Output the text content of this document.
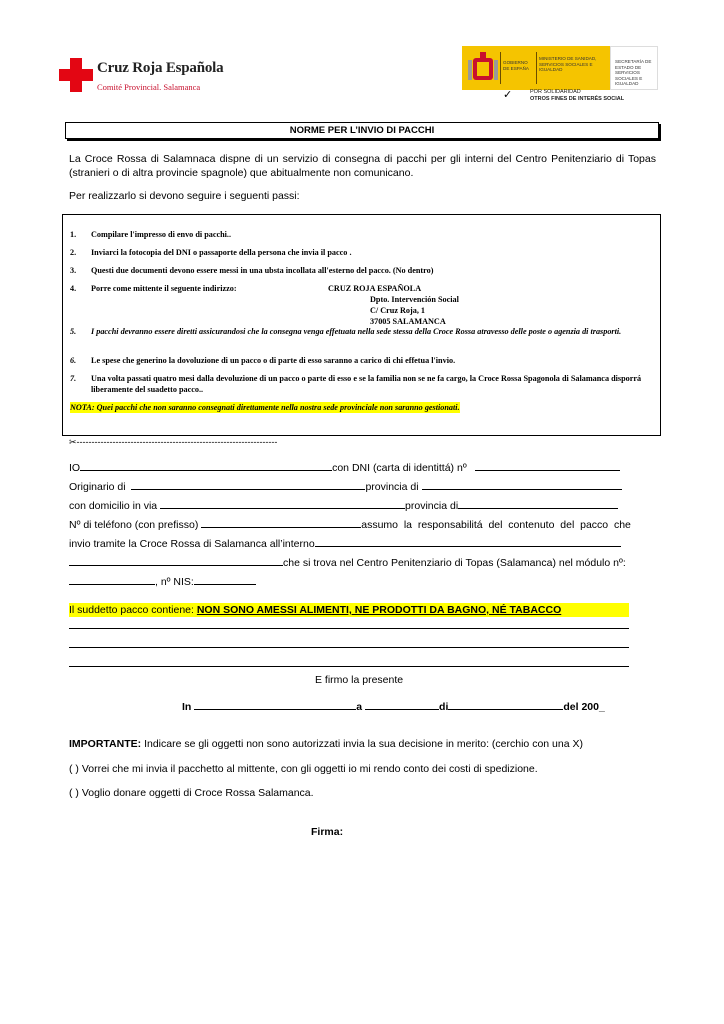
Cruz Roja Española
Comité Provincial. Salamanca
GOBIERNO DE ESPAÑA
MINISTERIO DE SANIDAD, SERVICIOS SOCIALES E IGUALDAD
SECRETARÍA DE ESTADO DE SERVICIOS SOCIALES E IGUALDAD
✓	POR SOLIDARIDAD
OTROS FINES DE INTERÉS SOCIAL
NORME PER L’INVIO DI PACCHI
La Croce Rossa di Salamnaca dispne di un servizio di consegna di pacchi per gli interni del Centro Penitenziario di Topas (stranieri o di altra provincie spagnole) que abitualmente non comunicano.
Per realizzarlo si devono seguire i seguenti passi:
1.	Compilare l'impresso di envo di pacchi..
2.	Inviarci la fotocopia del DNI o passaporte della persona che invia il pacco .
3.	Questi due documenti devono essere messi in una ubsta incollata all'esterno del pacco. (No dentro)
4.	Porre come mittente il seguente indirizzo:	CRUZ ROJA ESPAÑOLA
Dpto. Intervención Social
C/ Cruz Roja, 1
37005 SALAMANCA
5.	I pacchi devranno essere diretti assicurandosi che la consegna venga effetuata nella sede stessa della Croce Rossa atravesso delle poste o agenzia di trasporti.
6.	Le spese che generino la dovoluzione di un pacco o di parte di esso saranno a carico di chi effetua l'invio.
7.	Una volta passati quatro mesi dalla devoluzione di un pacco o parte di esso e se la familia non se ne fa cargo, la Croce Rossa Spagonola di Salamanca disporrá liberamente del suadetto pacco..
NOTA: Quei pacchi che non saranno consegnati direttamente nella nostra sede provinciale non saranno gestionati.
✂-------------------------------------------------------------------
IO	con DNI (carta di identittá) nº
Originario di	provincia di
con domicilio in via	provincia di
Nº di teléfono (con prefisso)	assumo  la  responsabilitá  del  contenuto  del  pacco  che
invio tramite la Croce Rossa di Salamanca all’interno
che si trova nel Centro Penitenziario di Topas (Salamanca) nel módulo nº:
, nº NIS:
Il suddetto pacco contiene: NON SONO AMESSI ALIMENTI, NE PRODOTTI DA BAGNO, NÉ TABACCO
E firmo la presente
In	a	di	del 200_
IMPORTANTE: Indicare se gli oggetti non sono autorizzati invia la sua decisione in merito: (cerchio con una X)
( ) Vorrei che mi invia il pacchetto al mittente, con gli oggetti io mi rendo conto dei costi di spedizione.
( ) Voglio donare oggetti di Croce Rossa Salamanca.
Firma:
